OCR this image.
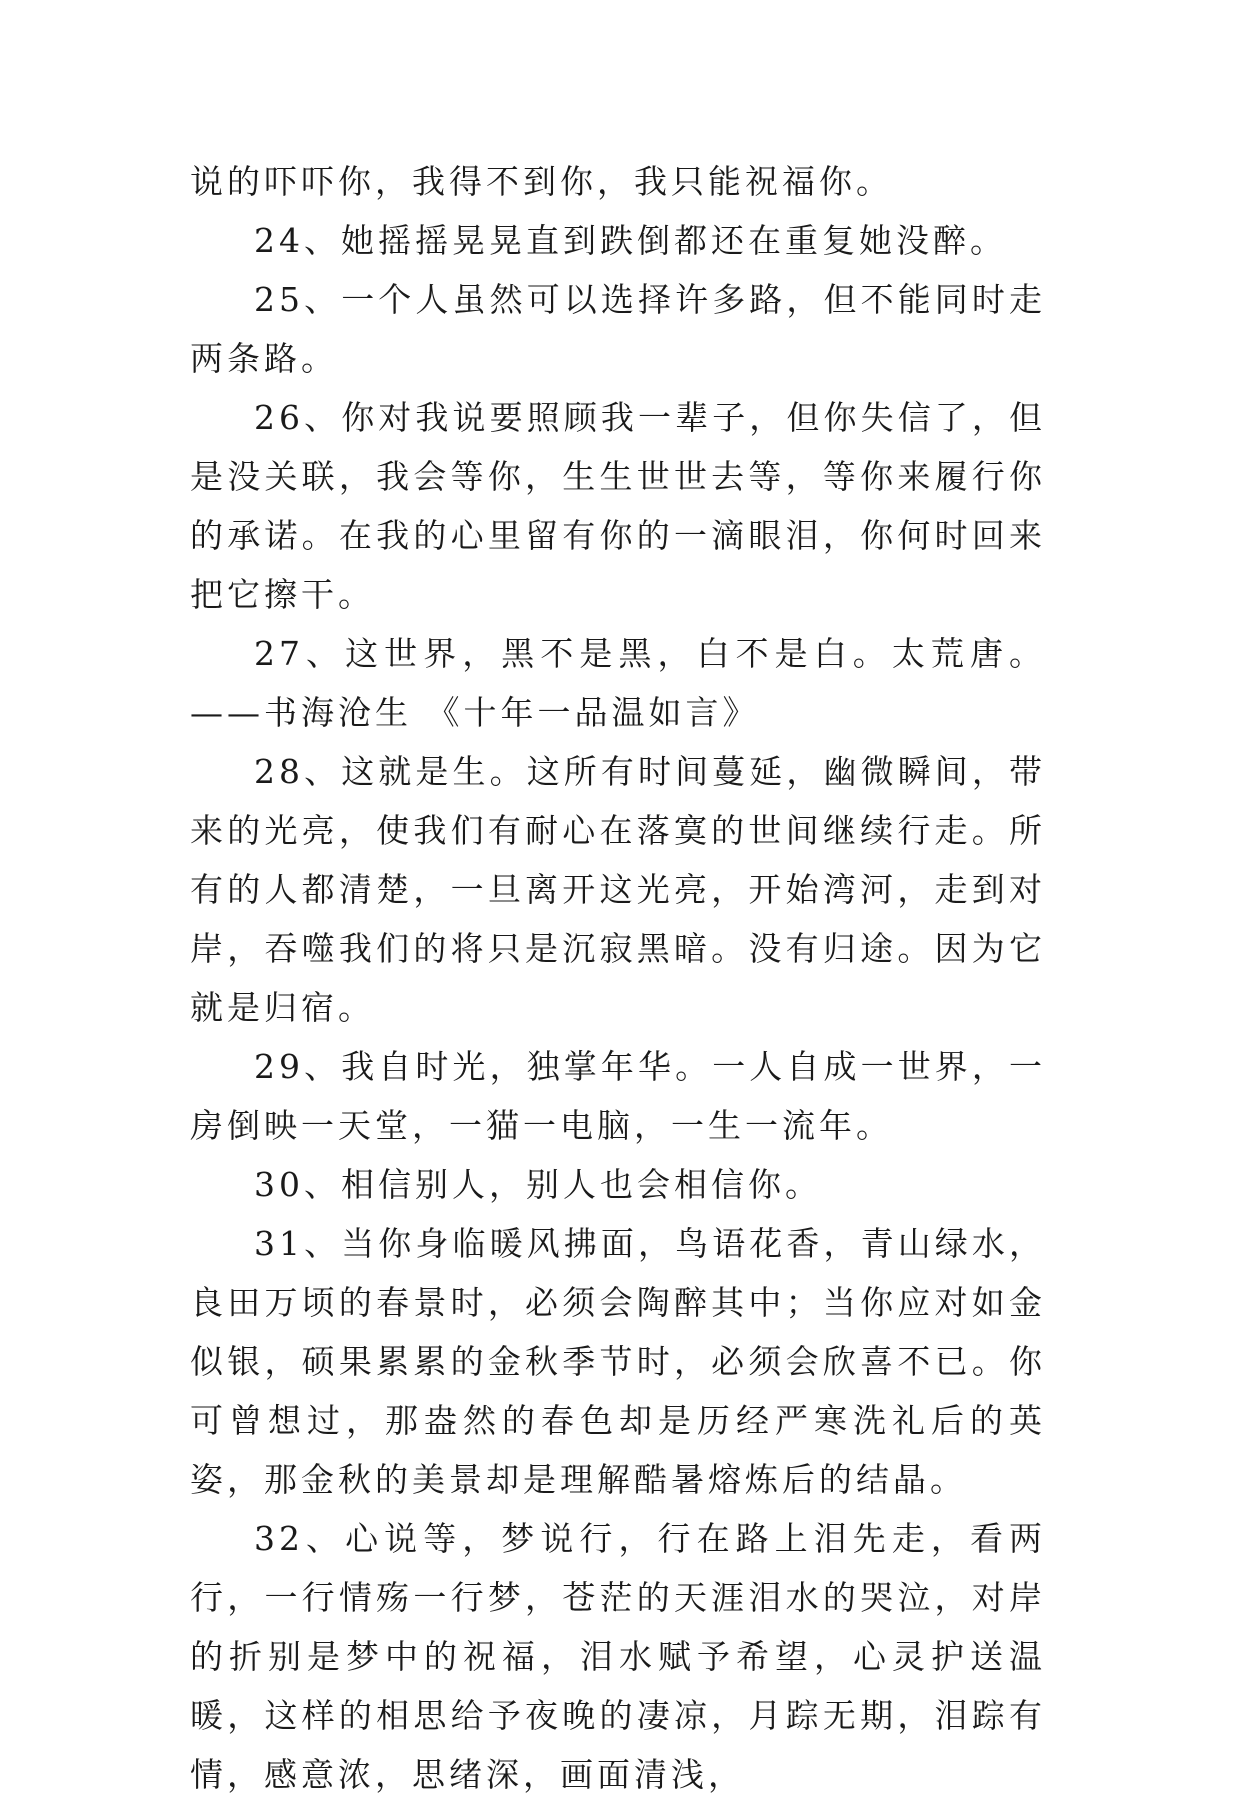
说的吓吓你，我得不到你，我只能祝福你。

24、她摇摇晃晃直到跌倒都还在重复她没醉。

25、一个人虽然可以选择许多路，但不能同时走两条路。

26、你对我说要照顾我一辈子，但你失信了，但是没关联，我会等你，生生世世去等，等你来履行你的承诺。在我的心里留有你的一滴眼泪，你何时回来把它擦干。

27、这世界，黑不是黑，白不是白。太荒唐。 ——书海沧生 《十年一品温如言》

28、这就是生。这所有时间蔓延，幽微瞬间，带来的光亮，使我们有耐心在落寞的世间继续行走。所有的人都清楚，一旦离开这光亮，开始湾河，走到对岸，吞噬我们的将只是沉寂黑暗。没有归途。因为它就是归宿。

29、我自时光，独掌年华。一人自成一世界，一房倒映一天堂，一猫一电脑，一生一流年。

30、相信别人，别人也会相信你。

31、当你身临暖风拂面，鸟语花香，青山绿水，良田万顷的春景时，必须会陶醉其中；当你应对如金似银，硕果累累的金秋季节时，必须会欣喜不已。你可曾想过，那盎然的春色却是历经严寒洗礼后的英姿，那金秋的美景却是理解酷暑熔炼后的结晶。

32、心说等，梦说行，行在路上泪先走，看两行，一行情殇一行梦，苍茫的天涯泪水的哭泣，对岸的折别是梦中的祝福，泪水赋予希望，心灵护送温暖，这样的相思给予夜晚的凄凉，月踪无期，泪踪有情，感意浓，思绪深，画面清浅，
